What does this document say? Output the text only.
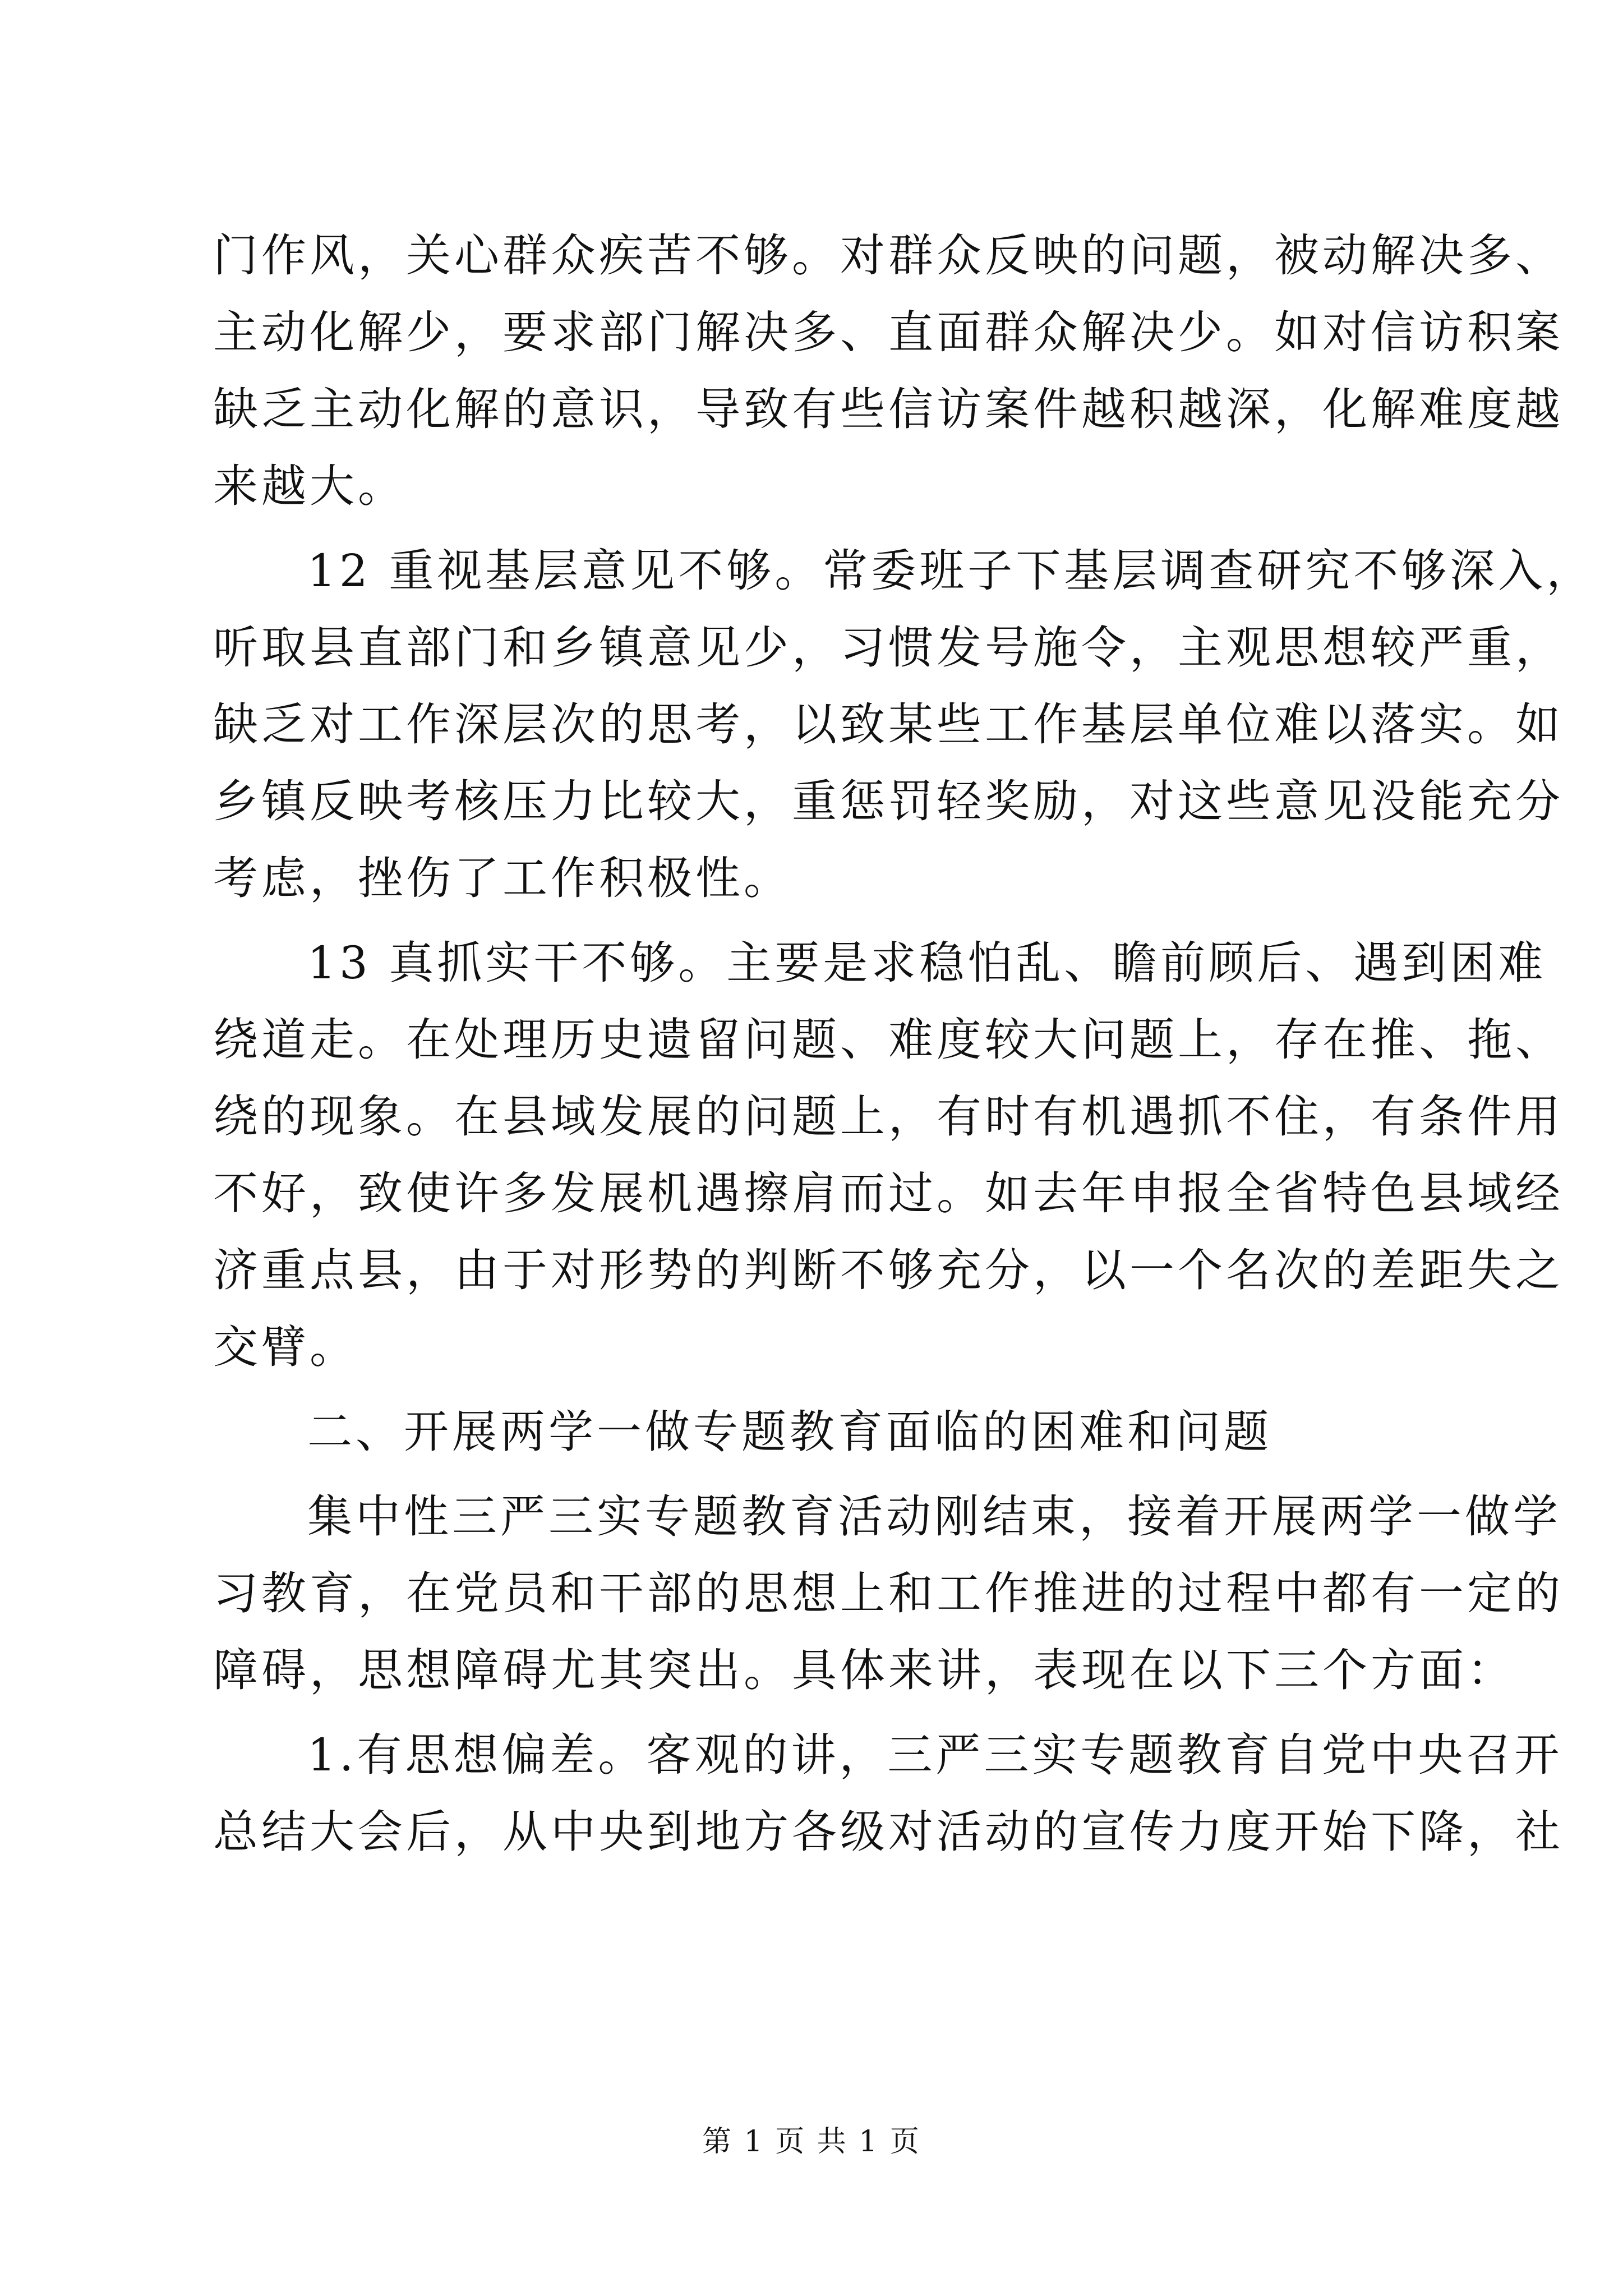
门作风，关心群众疾苦不够。对群众反映的问题，被动解决多、
主动化解少，要求部门解决多、直面群众解决少。如对信访积案
缺乏主动化解的意识，导致有些信访案件越积越深，化解难度越
来越大。
12 重视基层意见不够。常委班子下基层调查研究不够深入，
听取县直部门和乡镇意见少，习惯发号施令，主观思想较严重，
缺乏对工作深层次的思考，以致某些工作基层单位难以落实。如
乡镇反映考核压力比较大，重惩罚轻奖励，对这些意见没能充分
考虑，挫伤了工作积极性。
13 真抓实干不够。主要是求稳怕乱、瞻前顾后、遇到困难
绕道走。在处理历史遗留问题、难度较大问题上，存在推、拖、
绕的现象。在县域发展的问题上，有时有机遇抓不住，有条件用
不好，致使许多发展机遇擦肩而过。如去年申报全省特色县域经
济重点县，由于对形势的判断不够充分，以一个名次的差距失之
交臂。
二、开展两学一做专题教育面临的困难和问题
集中性三严三实专题教育活动刚结束，接着开展两学一做学
习教育，在党员和干部的思想上和工作推进的过程中都有一定的
障碍，思想障碍尤其突出。具体来讲，表现在以下三个方面：
1.有思想偏差。客观的讲，三严三实专题教育自党中央召开
总结大会后，从中央到地方各级对活动的宣传力度开始下降，社
第 1 页 共 1 页
